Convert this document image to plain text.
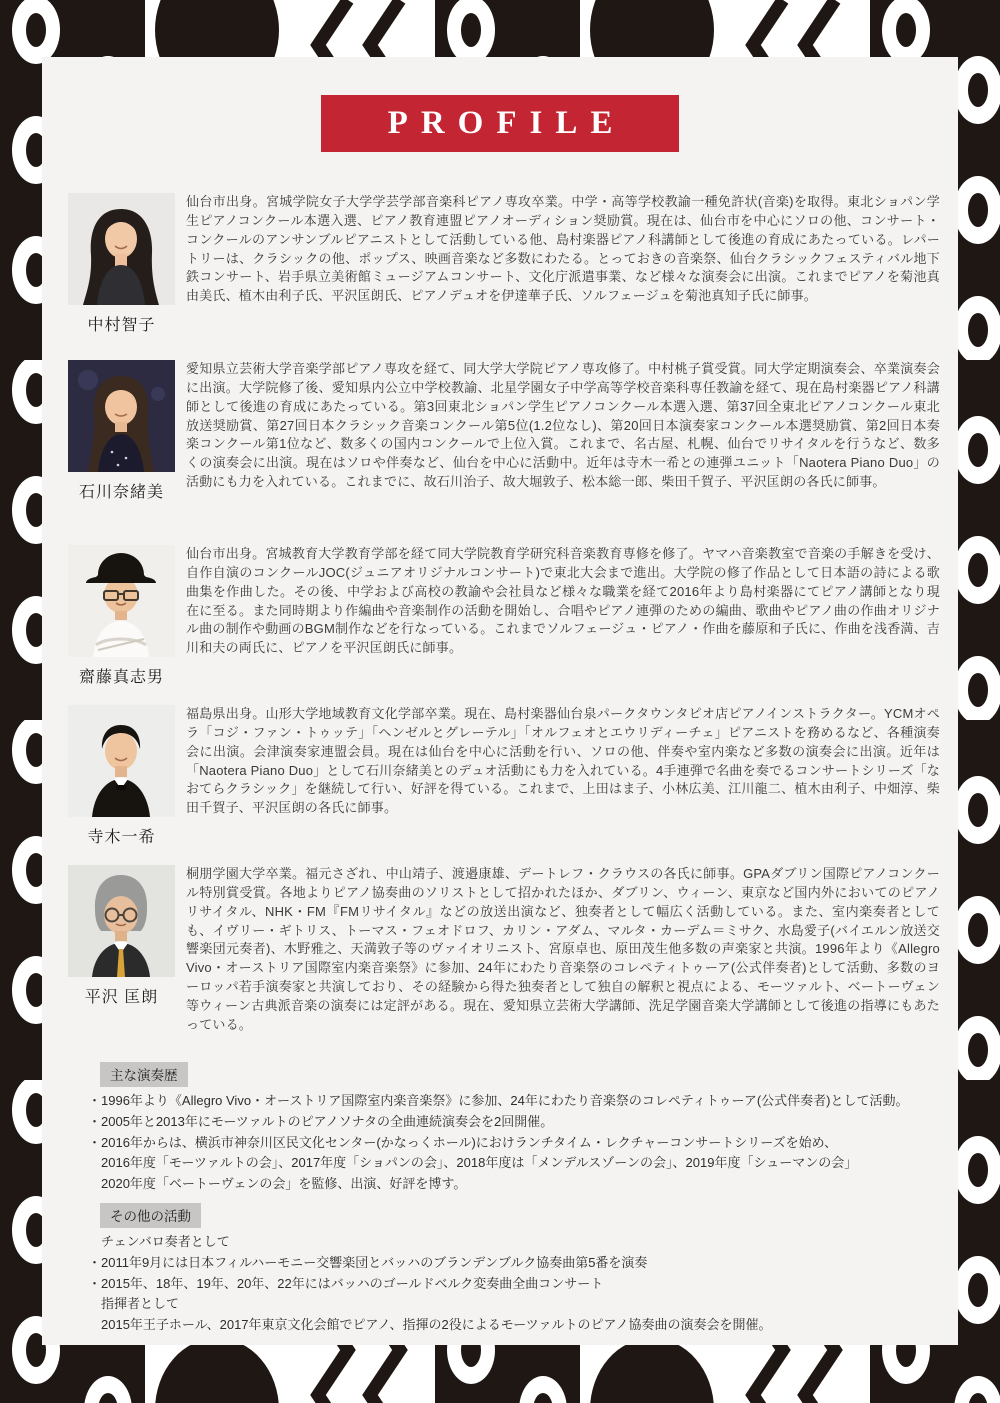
PROFILE
中村智子
仙台市出身。宮城学院女子大学学芸学部音楽科ピアノ専攻卒業。中学・高等学校教諭一種免許状(音楽)を取得。東北ショパン学生ピアノコンクール本選入選、ピアノ教育連盟ピアノオーディション奨励賞。現在は、仙台市を中心にソロの他、コンサート・コンクールのアンサンブルピアニストとして活動している他、島村楽器ピアノ科講師として後進の育成にあたっている。レパートリーは、クラシックの他、ポップス、映画音楽など多数にわたる。とっておきの音楽祭、仙台クラシックフェスティバル地下鉄コンサート、岩手県立美術館ミュージアムコンサート、文化庁派遣事業、など様々な演奏会に出演。これまでピアノを菊池真由美氏、植木由利子氏、平沢匡朗氏、ピアノデュオを伊達華子氏、ソルフェージュを菊池真知子氏に師事。
石川奈緒美
愛知県立芸術大学音楽学部ピアノ専攻を経て、同大学大学院ピアノ専攻修了。中村桃子賞受賞。同大学定期演奏会、卒業演奏会に出演。大学院修了後、愛知県内公立中学校教諭、北星学園女子中学高等学校音楽科専任教諭を経て、現在島村楽器ピアノ科講師として後進の育成にあたっている。第3回東北ショパン学生ピアノコンクール本選入選、第37回全東北ピアノコンクール東北放送奨励賞、第27回日本クラシック音楽コンクール第5位(1.2位なし)、第20回日本演奏家コンクール本選奨励賞、第2回日本奏楽コンクール第1位など、数多くの国内コンクールで上位入賞。これまで、名古屋、札幌、仙台でリサイタルを行うなど、数多くの演奏会に出演。現在はソロや伴奏など、仙台を中心に活動中。近年は寺木一希との連弾ユニット「Naotera Piano Duo」の活動にも力を入れている。これまでに、故石川治子、故大堀敦子、松本総一郎、柴田千賀子、平沢匡朗の各氏に師事。
齋藤真志男
仙台市出身。宮城教育大学教育学部を経て同大学院教育学研究科音楽教育専修を修了。ヤマハ音楽教室で音楽の手解きを受け、自作自演のコンクールJOC(ジュニアオリジナルコンサート)で東北大会まで進出。大学院の修了作品として日本語の詩による歌曲集を作曲した。その後、中学および高校の教諭や会社員など様々な職業を経て2016年より島村楽器にてピアノ講師となり現在に至る。また同時期より作編曲や音楽制作の活動を開始し、合唱やピアノ連弾のための編曲、歌曲やピアノ曲の作曲オリジナル曲の制作や動画のBGM制作などを行なっている。これまでソルフェージュ・ピアノ・作曲を藤原和子氏に、作曲を浅香満、吉川和夫の両氏に、ピアノを平沢匡朗氏に師事。
寺木一希
福島県出身。山形大学地域教育文化学部卒業。現在、島村楽器仙台泉パークタウンタピオ店ピアノインストラクター。YCMオペラ「コジ・ファン・トゥッテ」「ヘンゼルとグレーテル」「オルフェオとエウリディーチェ」ピアニストを務めるなど、各種演奏会に出演。会津演奏家連盟会員。現在は仙台を中心に活動を行い、ソロの他、伴奏や室内楽など多数の演奏会に出演。近年は「Naotera Piano Duo」として石川奈緒美とのデュオ活動にも力を入れている。4手連弾で名曲を奏でるコンサートシリーズ「なおてらクラシック」を継続して行い、好評を得ている。これまで、上田はま子、小林広美、江川龍二、植木由利子、中畑淳、柴田千賀子、平沢匡朗の各氏に師事。
平沢 匡朗
桐朋学園大学卒業。福元さざれ、中山靖子、渡邉康雄、デートレフ・クラウスの各氏に師事。GPAダブリン国際ピアノコンクール特別賞受賞。各地よりピアノ協奏曲のソリストとして招かれたほか、ダブリン、ウィーン、東京など国内外においてのピアノリサイタル、NHK・FM『FMリサイタル』などの放送出演など、独奏者として幅広く活動している。また、室内楽奏者としても、イヴリー・ギトリス、トーマス・フェオドロフ、カリン・アダム、マルタ・カーデム＝ミサク、水島愛子(バイエルン放送交響楽団元奏者)、木野雅之、天満敦子等のヴァイオリニスト、宮原卓也、原田茂生他多数の声楽家と共演。1996年より《Allegro Vivo・オーストリア国際室内楽音楽祭》に参加、24年にわたり音楽祭のコレペティトゥーア(公式伴奏者)として活動、多数のヨーロッパ若手演奏家と共演しており、その経験から得た独奏者として独自の解釈と視点による、モーツァルト、ベートーヴェン等ウィーン古典派音楽の演奏には定評がある。現在、愛知県立芸術大学講師、洗足学園音楽大学講師として後進の指導にもあたっている。
主な演奏歴
・1996年より《Allegro Vivo・オーストリア国際室内楽音楽祭》に参加、24年にわたり音楽祭のコレペティトゥーア(公式伴奏者)として活動。
・2005年と2013年にモーツァルトのピアノソナタの全曲連続演奏会を2回開催。
・2016年からは、横浜市神奈川区民文化センター(かなっくホール)におけランチタイム・レクチャーコンサートシリーズを始め、
　2016年度「モーツァルトの会」、2017年度「ショパンの会」、2018年度は「メンデルスゾーンの会」、2019年度「シューマンの会」
　2020年度「ベートーヴェンの会」を監修、出演、好評を博す。
その他の活動
　チェンバロ奏者として
・2011年9月には日本フィルハーモニー交響楽団とバッハのブランデンブルク協奏曲第5番を演奏
・2015年、18年、19年、20年、22年にはバッハのゴールドベルク変奏曲全曲コンサート
　指揮者として
　2015年王子ホール、2017年東京文化会館でピアノ、指揮の2役によるモーツァルトのピアノ協奏曲の演奏会を開催。
